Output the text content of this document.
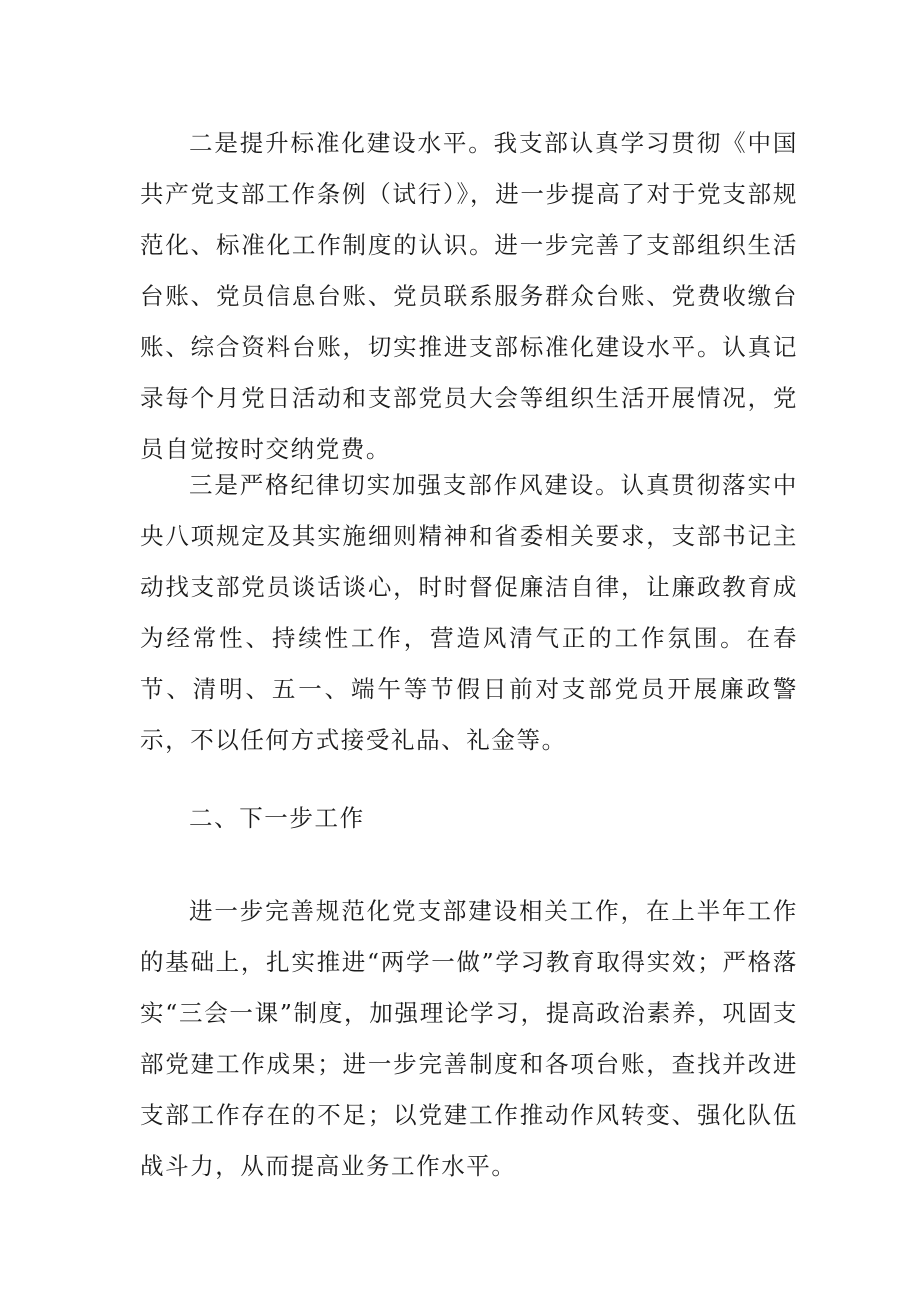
二是提升标准化建设水平。我支部认真学习贯彻《中国共产党支部工作条例（试行）》，进一步提高了对于党支部规范化、标准化工作制度的认识。进一步完善了支部组织生活台账、党员信息台账、党员联系服务群众台账、党费收缴台账、综合资料台账，切实推进支部标准化建设水平。认真记录每个月党日活动和支部党员大会等组织生活开展情况，党员自觉按时交纳党费。

三是严格纪律切实加强支部作风建设。认真贯彻落实中央八项规定及其实施细则精神和省委相关要求，支部书记主动找支部党员谈话谈心，时时督促廉洁自律，让廉政教育成为经常性、持续性工作，营造风清气正的工作氛围。在春节、清明、五一、端午等节假日前对支部党员开展廉政警示，不以任何方式接受礼品、礼金等。

二、下一步工作

进一步完善规范化党支部建设相关工作，在上半年工作的基础上，扎实推进“两学一做”学习教育取得实效；严格落实“三会一课”制度，加强理论学习，提高政治素养，巩固支部党建工作成果；进一步完善制度和各项台账，查找并改进支部工作存在的不足；以党建工作推动作风转变、强化队伍战斗力，从而提高业务工作水平。
